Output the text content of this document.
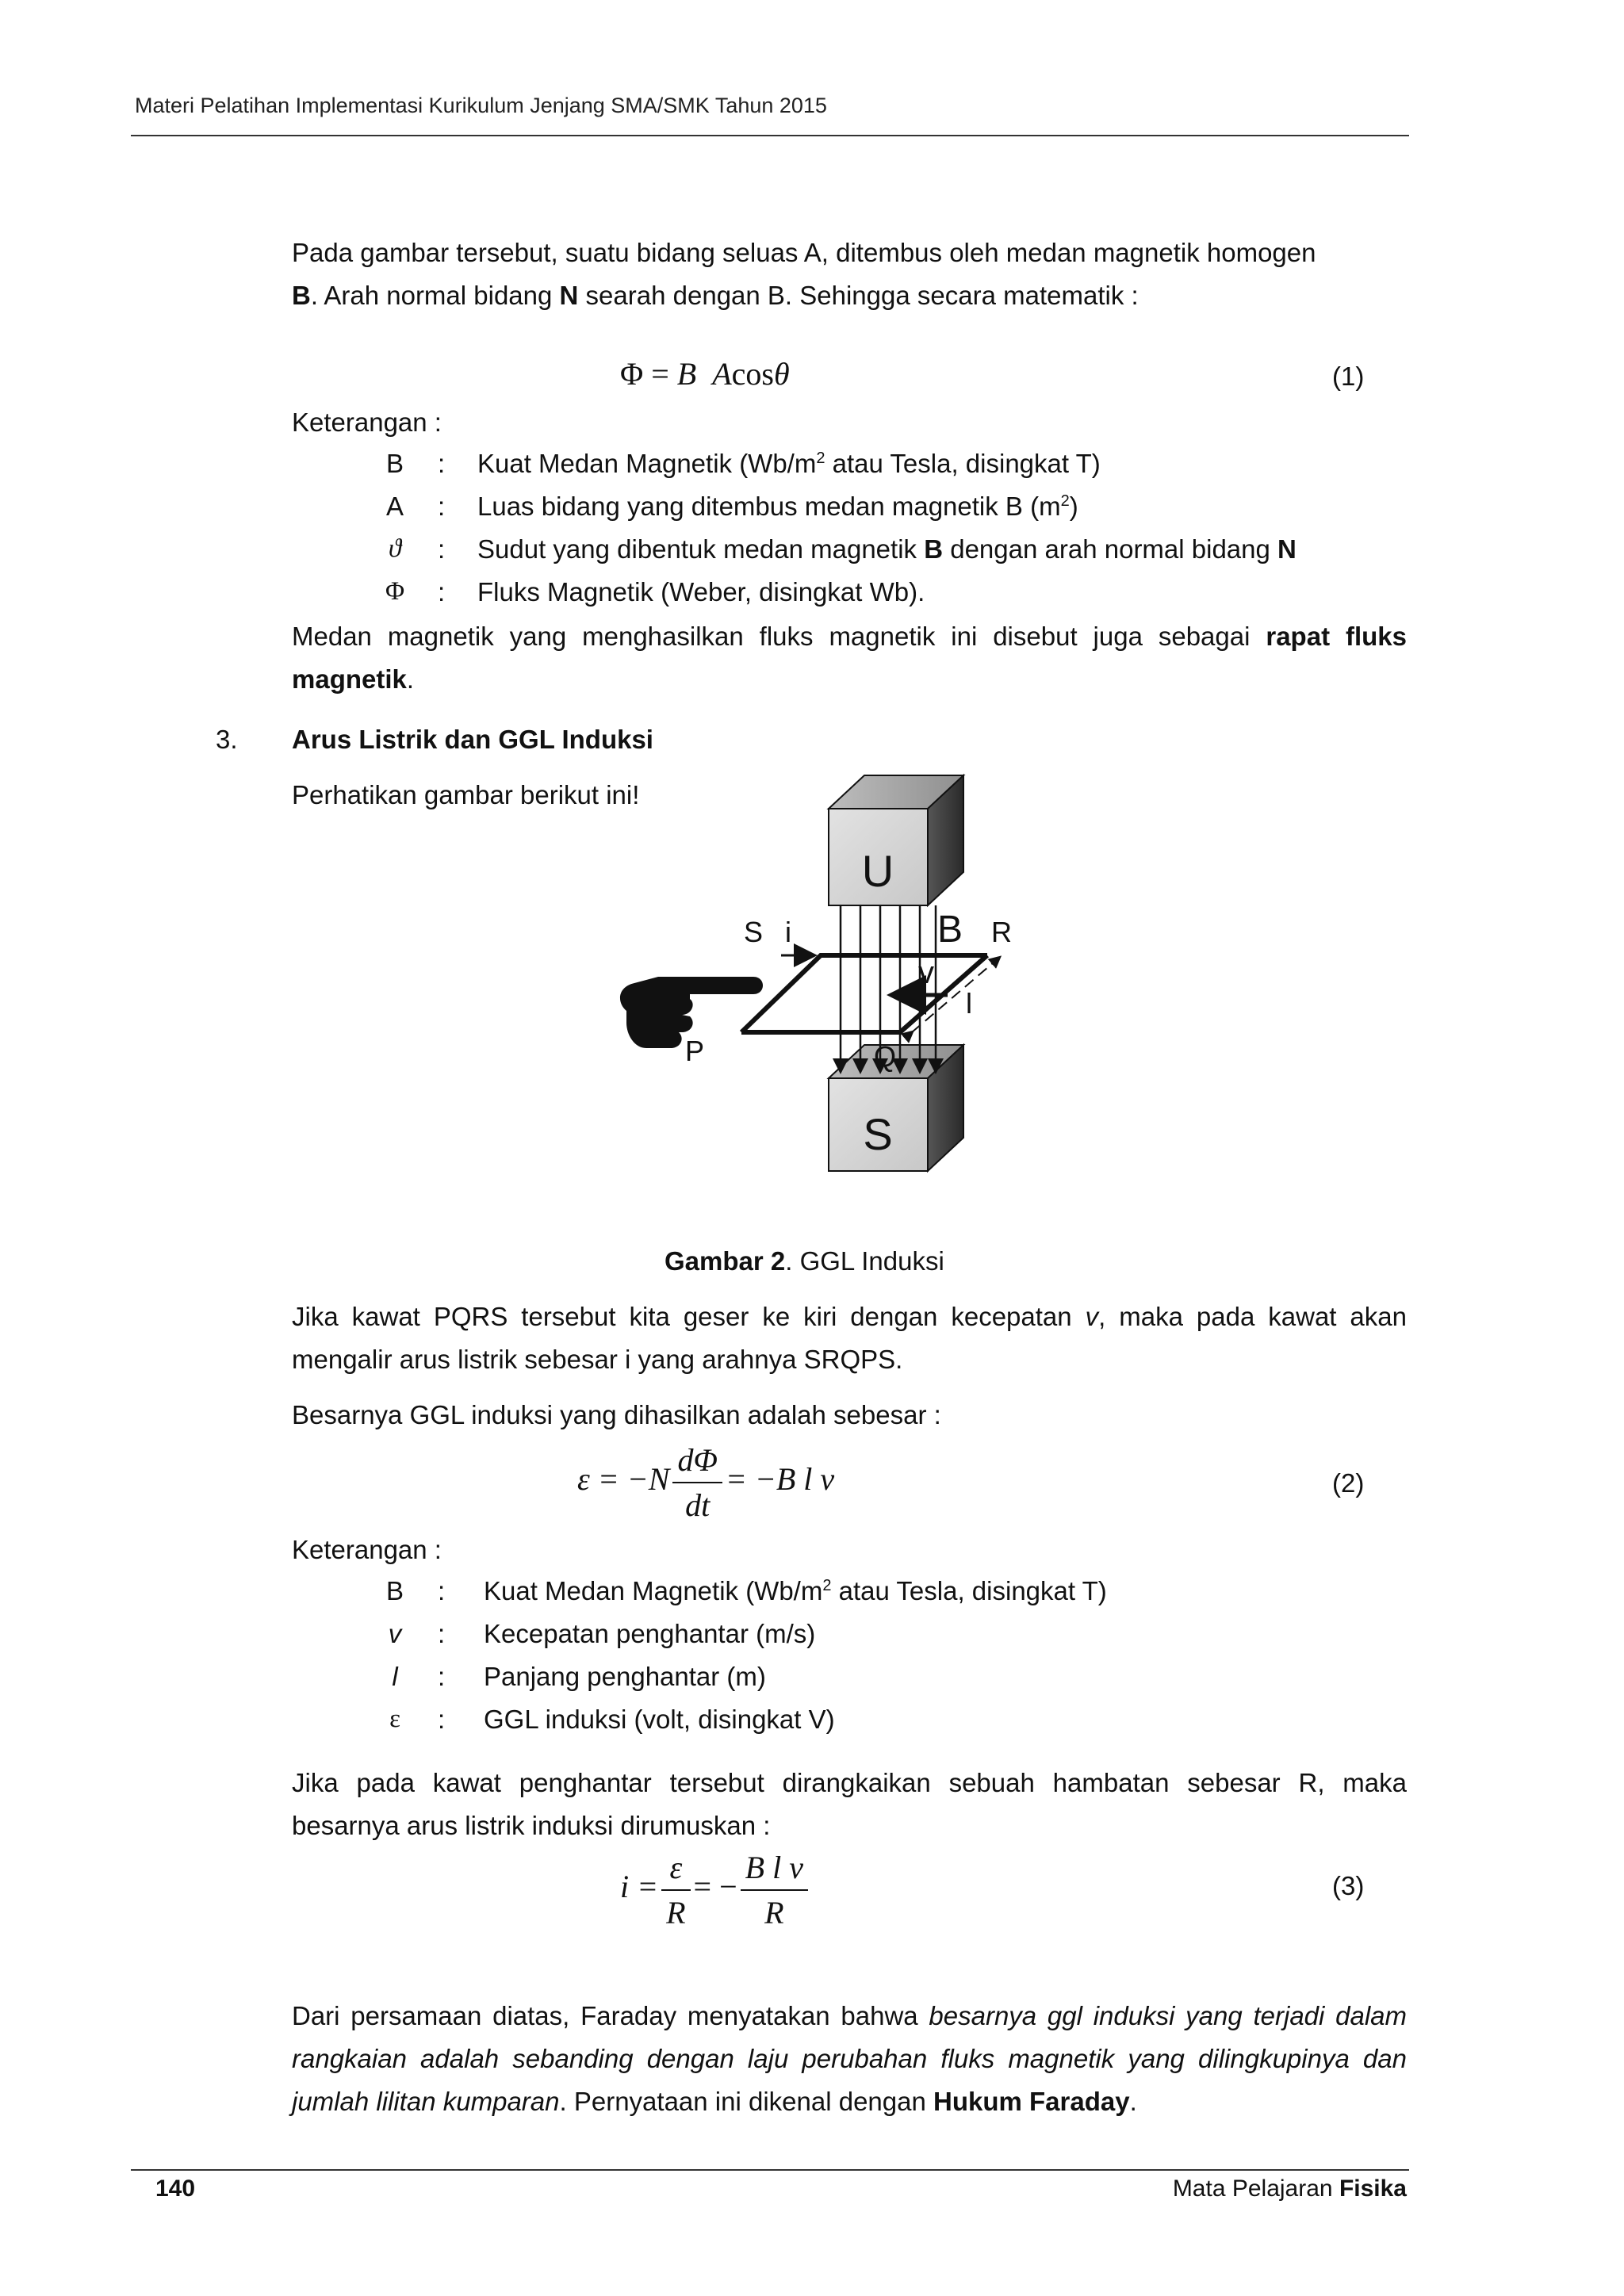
Materi Pelatihan Implementasi Kurikulum Jenjang SMA/SMK Tahun 2015
Pada gambar tersebut, suatu bidang seluas A, ditembus oleh medan magnetik homogen
B. Arah normal bidang N searah dengan B. Sehingga secara matematik :
Φ = B Acosθ	(1)
Keterangan :
B : Kuat Medan Magnetik ($Wb/m^2$ atau Tesla, disingkat T)
A : Luas bidang yang ditembus medan magnetik B $(m^2)$
ϑ	: Sudut yang dibentuk medan magnetik B dengan arah normal bidang N
Φ : Fluks Magnetik (Weber, disingkat Wb).
Medan magnetik yang menghasilkan fluks magnetik ini disebut juga sebagai rapat fluks magnetik.
3. Arus Listrik dan GGL Induksi
Perhatikan gambar berikut ini!
U
S
S i	B R
v
l
P	Q
Gambar 2. GGL Induksi
Jika kawat PQRS tersebut kita geser ke kiri dengan kecepatan v, maka pada kawat akan mengalir arus listrik sebesar i yang arahnya SRQPS.
Besarnya GGL induksi yang dihasilkan adalah sebesar :
$\varepsilon = -N \frac{d\Phi}{dt} = -B$ l v	(2)
Keterangan :
B : Kuat Medan Magnetik ($Wb/m^2$ atau Tesla, disingkat T)
v	: Kecepatan penghantar (m/s)
l	: Panjang penghantar (m)
ε	: GGL induksi (volt, disingkat V)
Jika pada kawat penghantar tersebut dirangkaikan sebuah hambatan sebesar R, maka besarnya arus listrik induksi dirumuskan :
$i = \frac{\varepsilon}{R}$ = − $\frac{\text{B l v}}{R}$	(3)
Dari persamaan diatas, Faraday menyatakan bahwa besarnya ggl induksi yang terjadi dalam rangkaian adalah sebanding dengan laju perubahan fluks magnetik yang dilingkupinya dan jumlah lilitan kumparan. Pernyataan ini dikenal dengan Hukum Faraday.
140	Mata Pelajaran Fisika
